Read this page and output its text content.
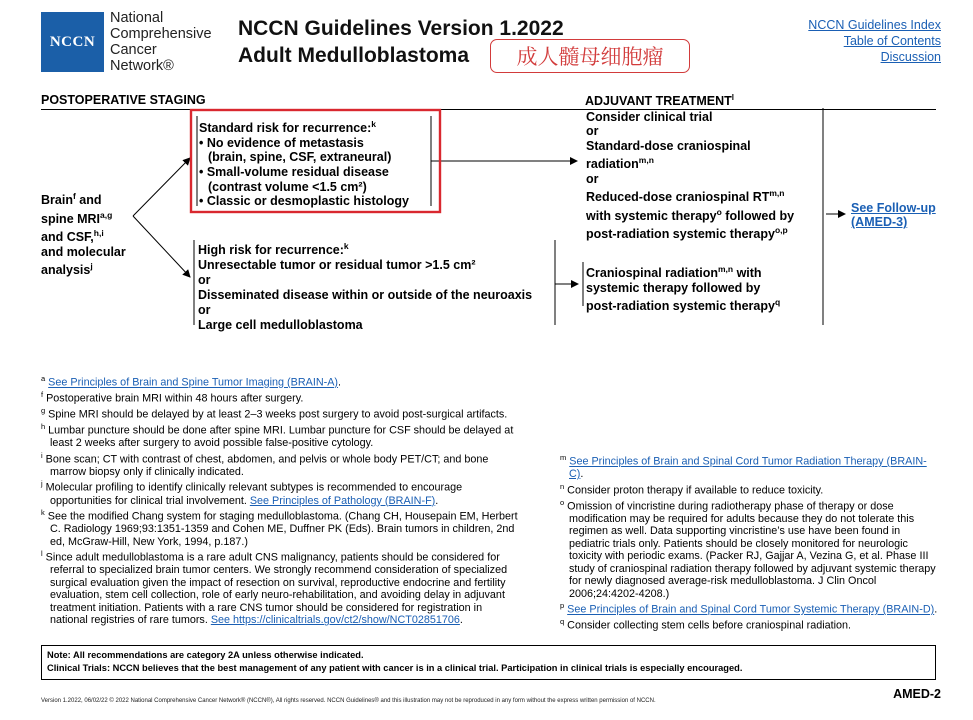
NCCN
National
Comprehensive
Cancer
Network®
NCCN Guidelines Version 1.2022
Adult Medulloblastoma	成人髓母细胞瘤
NCCN Guidelines Index
Table of Contents
Discussion
POSTOPERATIVE STAGING	ADJUVANT TREATMENT$^l$
Brain$^f$ and
spine MRI$^{a,g}$
and CSF,$^{h,i}$
and molecular
analysis$^j$
Standard risk for recurrence:$^k$
• No evidence of metastasis
(brain, spine, CSF, extraneural)
• Small-volume residual disease
(contrast volume <1.5 cm²)
• Classic or desmoplastic histology
High risk for recurrence:$^k$
Unresectable tumor or residual tumor >1.5 cm²
or
Disseminated disease within or outside of the neuroaxis
or
Large cell medulloblastoma
Consider clinical trial
or
Standard-dose craniospinal
radiation$^{m,n}$
or
Reduced-dose craniospinal RT$^{m,n}$
with systemic therapy$^o$ followed by
post-radiation systemic therapy$^{o,p}$
Craniospinal radiation$^{m,n}$ with
systemic therapy followed by
post-radiation systemic therapy$^q$
See Follow-up
(AMED-3)

$^a$ See Principles of Brain and Spine Tumor Imaging (BRAIN-A).

$^f$ Postoperative brain MRI within 48 hours after surgery.

$^g$ Spine MRI should be delayed by at least 2–3 weeks post surgery to avoid post-surgical artifacts.

$^h$ Lumbar puncture should be done after spine MRI. Lumbar puncture for CSF should be delayed at least 2 weeks after surgery to avoid possible false-positive cytology.

$^i$ Bone scan; CT with contrast of chest, abdomen, and pelvis or whole body PET/CT; and bone marrow biopsy only if clinically indicated.

$^j$ Molecular profiling to identify clinically relevant subtypes is recommended to encourage opportunities for clinical trial involvement. See Principles of Pathology (BRAIN-F).

$^k$ See the modified Chang system for staging medulloblastoma. (Chang CH, Housepain EM, Herbert C. Radiology 1969;93:1351-1359 and Cohen ME, Duffner PK (Eds). Brain tumors in children, 2nd ed, McGraw-Hill, New York, 1994, p.187.)

$^l$ Since adult medulloblastoma is a rare adult CNS malignancy, patients should be considered for referral to specialized brain tumor centers. We strongly recommend consideration of specialized surgical evaluation given the impact of resection on survival, reproductive endocrine and fertility evaluation, stem cell collection, role of early neuro-rehabilitation, and avoiding delay in adjuvant treatment initiation. Patients with a rare CNS tumor should be considered for registration in national registries of rare tumors. See https://clinicaltrials.gov/ct2/show/NCT02851706.

$^m$ See Principles of Brain and Spinal Cord Tumor Radiation Therapy (BRAIN-C).

$^n$ Consider proton therapy if available to reduce toxicity.

$^o$ Omission of vincristine during radiotherapy phase of therapy or dose modification may be required for adults because they do not tolerate this regimen as well. Data supporting vincristine’s use have been found in pediatric trials only. Patients should be closely monitored for neurologic toxicity with periodic exams. (Packer RJ, Gajjar A, Vezina G, et al. Phase III study of craniospinal radiation therapy followed by adjuvant systemic therapy for newly diagnosed average-risk medulloblastoma. J Clin Oncol 2006;24:4202-4208.)

$^p$ See Principles of Brain and Spinal Cord Tumor Systemic Therapy (BRAIN-D).

$^q$ Consider collecting stem cells before craniospinal radiation.

Note: All recommendations are category 2A unless otherwise indicated.
Clinical Trials: NCCN believes that the best management of any patient with cancer is in a clinical trial. Participation in clinical trials is especially encouraged.
AMED-2
Version 1.2022, 06/02/22 © 2022 National Comprehensive Cancer Network® (NCCN®), All rights reserved. NCCN Guidelines® and this illustration may not be reproduced in any form without the express written permission of NCCN.
